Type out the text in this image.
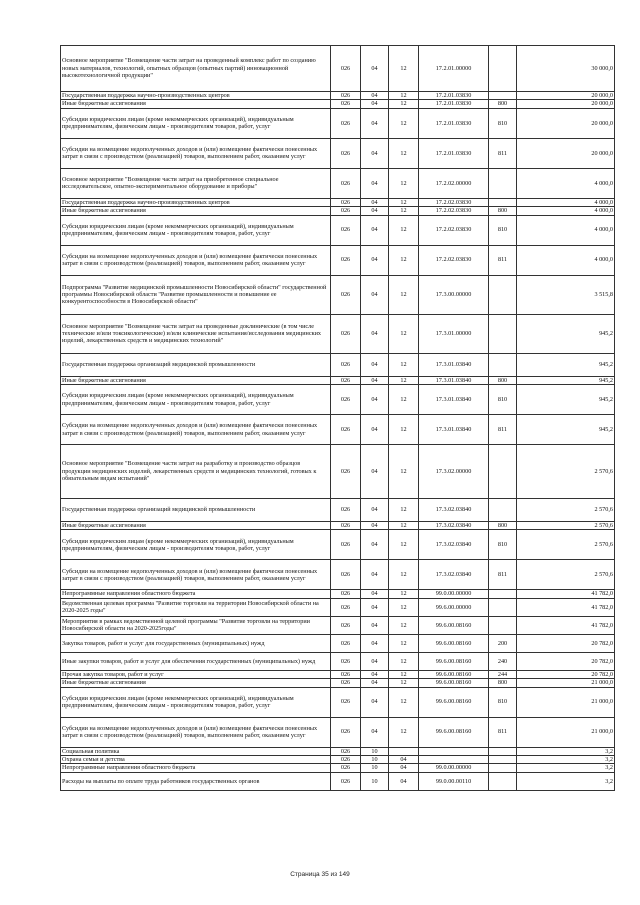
Основное мероприятие "Возмещение части затрат на проведенный комплекс работ по созданию новых материалов, технологий, опытных образцов (опытных партий) инновационной высокотехнологичной продукции"	026	04	12	17.2.01.00000		30 000,0
Государственная поддержка научно-производственных центров	026	04	12	17.2.01.03830		20 000,0
Иные бюджетные ассигнования	026	04	12	17.2.01.03830	800	20 000,0
Субсидии юридическим лицам (кроме некоммерческих организаций), индивидуальным предпринимателям, физическим лицам - производителям товаров, работ, услуг	026	04	12	17.2.01.03830	810	20 000,0
Субсидии на возмещение недополученных доходов и (или) возмещение фактически понесенных затрат в связи с производством (реализацией) товаров, выполнением работ, оказанием услуг	026	04	12	17.2.01.03830	811	20 000,0
Основное мероприятие "Возмещение части затрат на приобретенное специальное исследовательское, опытно-экспериментальное оборудование и приборы"	026	04	12	17.2.02.00000		4 000,0
Государственная поддержка научно-производственных центров	026	04	12	17.2.02.03830		4 000,0
Иные бюджетные ассигнования	026	04	12	17.2.02.03830	800	4 000,0
Субсидии юридическим лицам (кроме некоммерческих организаций), индивидуальным предпринимателям, физическим лицам - производителям товаров, работ, услуг	026	04	12	17.2.02.03830	810	4 000,0
Субсидии на возмещение недополученных доходов и (или) возмещение фактически понесенных затрат в связи с производством (реализацией) товаров, выполнением работ, оказанием услуг	026	04	12	17.2.02.03830	811	4 000,0
Подпрограмма "Развитие медицинской промышленности Новосибирской области" государственной программы Новосибирской области "Развитие промышленности и повышение ее конкурентоспособности в Новосибирской области"	026	04	12	17.3.00.00000		3 515,8
Основное мероприятие "Возмещение части затрат на проведенные доклинические (в том числе технические и/или токсикологические) и/или клинические испытания/исследования медицинских изделий, лекарственных средств и медицинских технологий"	026	04	12	17.3.01.00000		945,2
Государственная поддержка организаций медицинской промышленности	026	04	12	17.3.01.03840		945,2
Иные бюджетные ассигнования	026	04	12	17.3.01.03840	800	945,2
Субсидии юридическим лицам (кроме некоммерческих организаций), индивидуальным предпринимателям, физическим лицам - производителям товаров, работ, услуг	026	04	12	17.3.01.03840	810	945,2
Субсидии на возмещение недополученных доходов и (или) возмещение фактически понесенных затрат в связи с производством (реализацией) товаров, выполнением работ, оказанием услуг	026	04	12	17.3.01.03840	811	945,2
Основное мероприятие "Возмещение части затрат на разработку и производство образцов продукции медицинских изделий, лекарственных средств и медицинских технологий, готовых к обязательным видам испытаний"	026	04	12	17.3.02.00000		2 570,6
Государственная поддержка организаций медицинской промышленности	026	04	12	17.3.02.03840		2 570,6
Иные бюджетные ассигнования	026	04	12	17.3.02.03840	800	2 570,6
Субсидии юридическим лицам (кроме некоммерческих организаций), индивидуальным предпринимателям, физическим лицам - производителям товаров, работ, услуг	026	04	12	17.3.02.03840	810	2 570,6
Субсидии на возмещение недополученных доходов и (или) возмещение фактически понесенных затрат в связи с производством (реализацией) товаров, выполнением работ, оказанием услуг	026	04	12	17.3.02.03840	811	2 570,6
Непрограммные направления областного бюджета	026	04	12	99.0.00.00000		41 782,0
Ведомственная целевая программа "Развитие торговли на территории Новосибирской области на 2020-2025 годы"	026	04	12	99.6.00.00000		41 782,0
Мероприятия в рамках ведомственной целевой программы "Развитие торговли на территории Новосибирской области на 2020-2025годы"	026	04	12	99.6.00.08160		41 782,0
Закупка товаров, работ и услуг для государственных (муниципальных) нужд	026	04	12	99.6.00.08160	200	20 782,0
Иные закупки товаров, работ и услуг для обеспечения государственных (муниципальных) нужд	026	04	12	99.6.00.08160	240	20 782,0
Прочая закупка товаров, работ и услуг	026	04	12	99.6.00.08160	244	20 782,0
Иные бюджетные ассигнования	026	04	12	99.6.00.08160	800	21 000,0
Субсидии юридическим лицам (кроме некоммерческих организаций), индивидуальным предпринимателям, физическим лицам - производителям товаров, работ, услуг	026	04	12	99.6.00.08160	810	21 000,0
Субсидии на возмещение недополученных доходов и (или) возмещение фактически понесенных затрат в связи с производством (реализацией) товаров, выполнением работ, оказанием услуг	026	04	12	99.6.00.08160	811	21 000,0
Социальная политика	026	10				3,2
Охрана семьи и детства	026	10	04			3,2
Непрограммные направления областного бюджета	026	10	04	99.0.00.00000		3,2
Расходы на выплаты по оплате труда работников государственных органов	026	10	04	99.0.00.00110		3,2
Страница 35 из 149
